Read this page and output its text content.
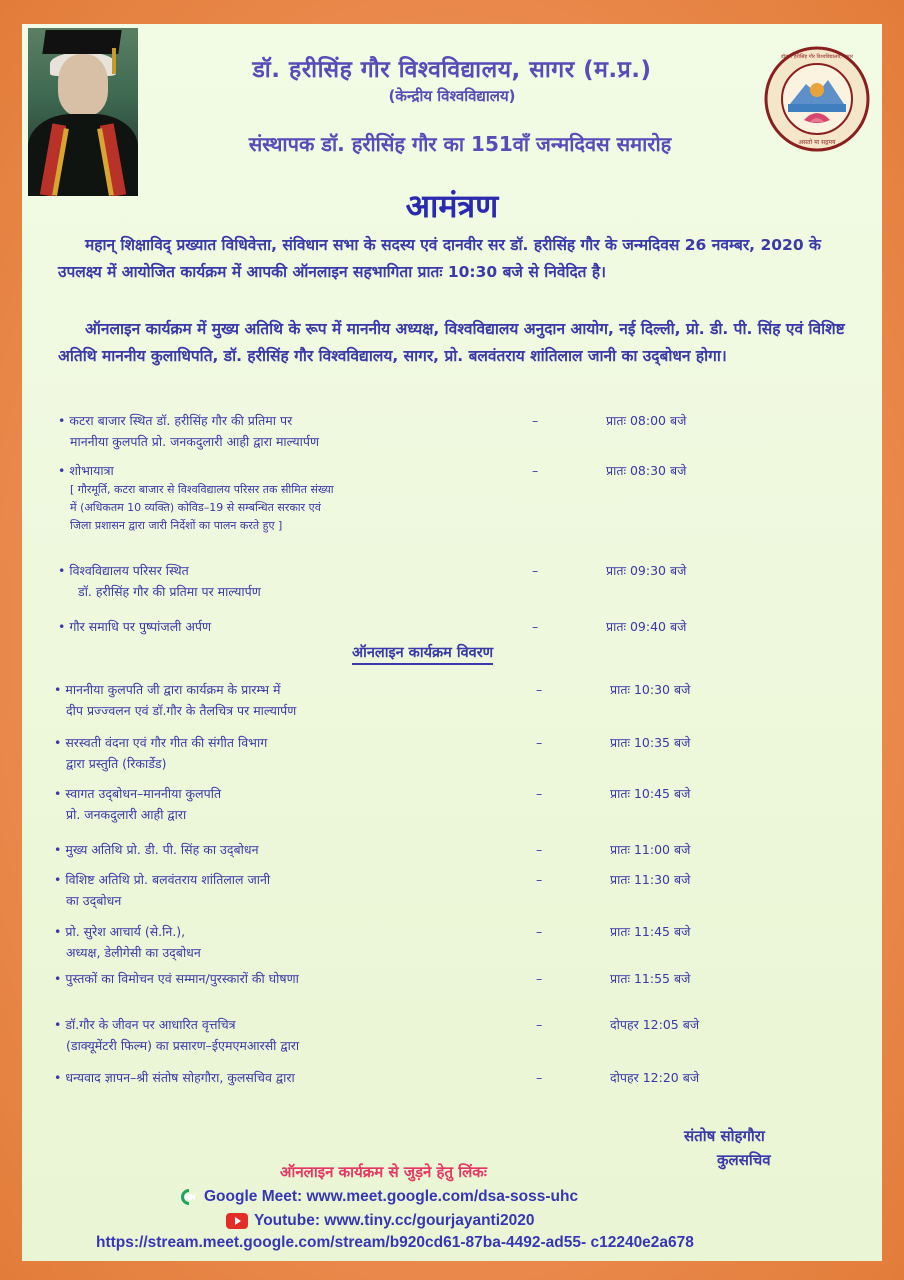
असतो मा सद्गमय
डॉक्टर हरीसिंह गौर विश्वविद्यालय, सागर
डॉ. हरीसिंह गौर विश्वविद्यालय, सागर (म.प्र.)
(केन्द्रीय विश्वविद्यालय)
संस्थापक डॉ. हरीसिंह गौर का 151वाँ जन्मदिवस समारोह
आमंत्रण
महान् शिक्षाविद् प्रख्यात विधिवेत्ता, संविधान सभा के सदस्य एवं दानवीर सर डॉ. हरीसिंह गौर के जन्मदिवस 26 नवम्बर, 2020 के उपलक्ष्य में आयोजित कार्यक्रम में आपकी ऑनलाइन सहभागिता प्रातः 10:30 बजे से निवेदित है।
ऑनलाइन कार्यक्रम में मुख्य अतिथि के रूप में माननीय अध्यक्ष, विश्वविद्यालय अनुदान आयोग, नई दिल्ली, प्रो. डी. पी. सिंह एवं विशिष्ट अतिथि माननीय कुलाधिपति, डॉ. हरीसिंह गौर विश्वविद्यालय, सागर, प्रो. बलवंतराय शांतिलाल जानी का उद्‌बोधन होगा।
• कटरा बाजार स्थित डॉ. हरीसिंह गौर की प्रतिमा पर
माननीया कुलपति प्रो. जनकदुलारी आही द्वारा माल्यार्पण
–	प्रातः 08:00 बजे
• शोभायात्रा
[ गौरमूर्ति, कटरा बाजार से विश्वविद्यालय परिसर तक सीमित संख्या में (अधिकतम 10 व्यक्ति) कोविड–19 से सम्बन्धित सरकार एवं जिला प्रशासन द्वारा जारी निर्देशों का पालन करते हुए ]
–	प्रातः 08:30 बजे
• विश्वविद्यालय परिसर स्थित
डॉ. हरीसिंह गौर की प्रतिमा पर माल्यार्पण
–	प्रातः 09:30 बजे
• गौर समाधि पर पुष्पांजली अर्पण	–	प्रातः 09:40 बजे
ऑनलाइन कार्यक्रम विवरण
• माननीया कुलपति जी द्वारा कार्यक्रम के प्रारम्भ में
दीप प्रज्ज्वलन एवं डॉ.गौर के तैलचित्र पर माल्यार्पण
–	प्रातः 10:30 बजे
• सरस्वती वंदना एवं गौर गीत की संगीत विभाग
द्वारा प्रस्तुति (रिकार्डेड)
–	प्रातः 10:35 बजे
• स्वागत उद्‌बोधन–माननीया कुलपति
प्रो. जनकदुलारी आही द्वारा
–	प्रातः 10:45 बजे
• मुख्य अतिथि प्रो. डी. पी. सिंह का उद्‌बोधन	–	प्रातः 11:00 बजे
• विशिष्ट अतिथि प्रो. बलवंतराय शांतिलाल जानी
का उद्‌बोधन
–	प्रातः 11:30 बजे
• प्रो. सुरेश आचार्य (से.नि.),
अध्यक्ष, डेलीगेसी का उद्‌बोधन
–	प्रातः 11:45 बजे
• पुस्तकों का विमोचन एवं सम्मान/पुरस्कारों की घोषणा	–	प्रातः 11:55 बजे
• डॉ.गौर के जीवन पर आधारित वृत्तचित्र
(डाक्यूमेंटरी फिल्म) का प्रसारण–ईएमएमआरसी द्वारा
–	दोपहर 12:05 बजे
• धन्यवाद ज्ञापन–श्री संतोष सोहगौरा, कुलसचिव द्वारा	–	दोपहर 12:20 बजे
संतोष सोहगौरा
कुलसचिव
ऑनलाइन कार्यक्रम से जुड़ने हेतु लिंकः
Google Meet: www.meet.google.com/dsa-soss-uhc
Youtube: www.tiny.cc/gourjayanti2020
https://stream.meet.google.com/stream/b920cd61-87ba-4492-ad55- c12240e2a678
